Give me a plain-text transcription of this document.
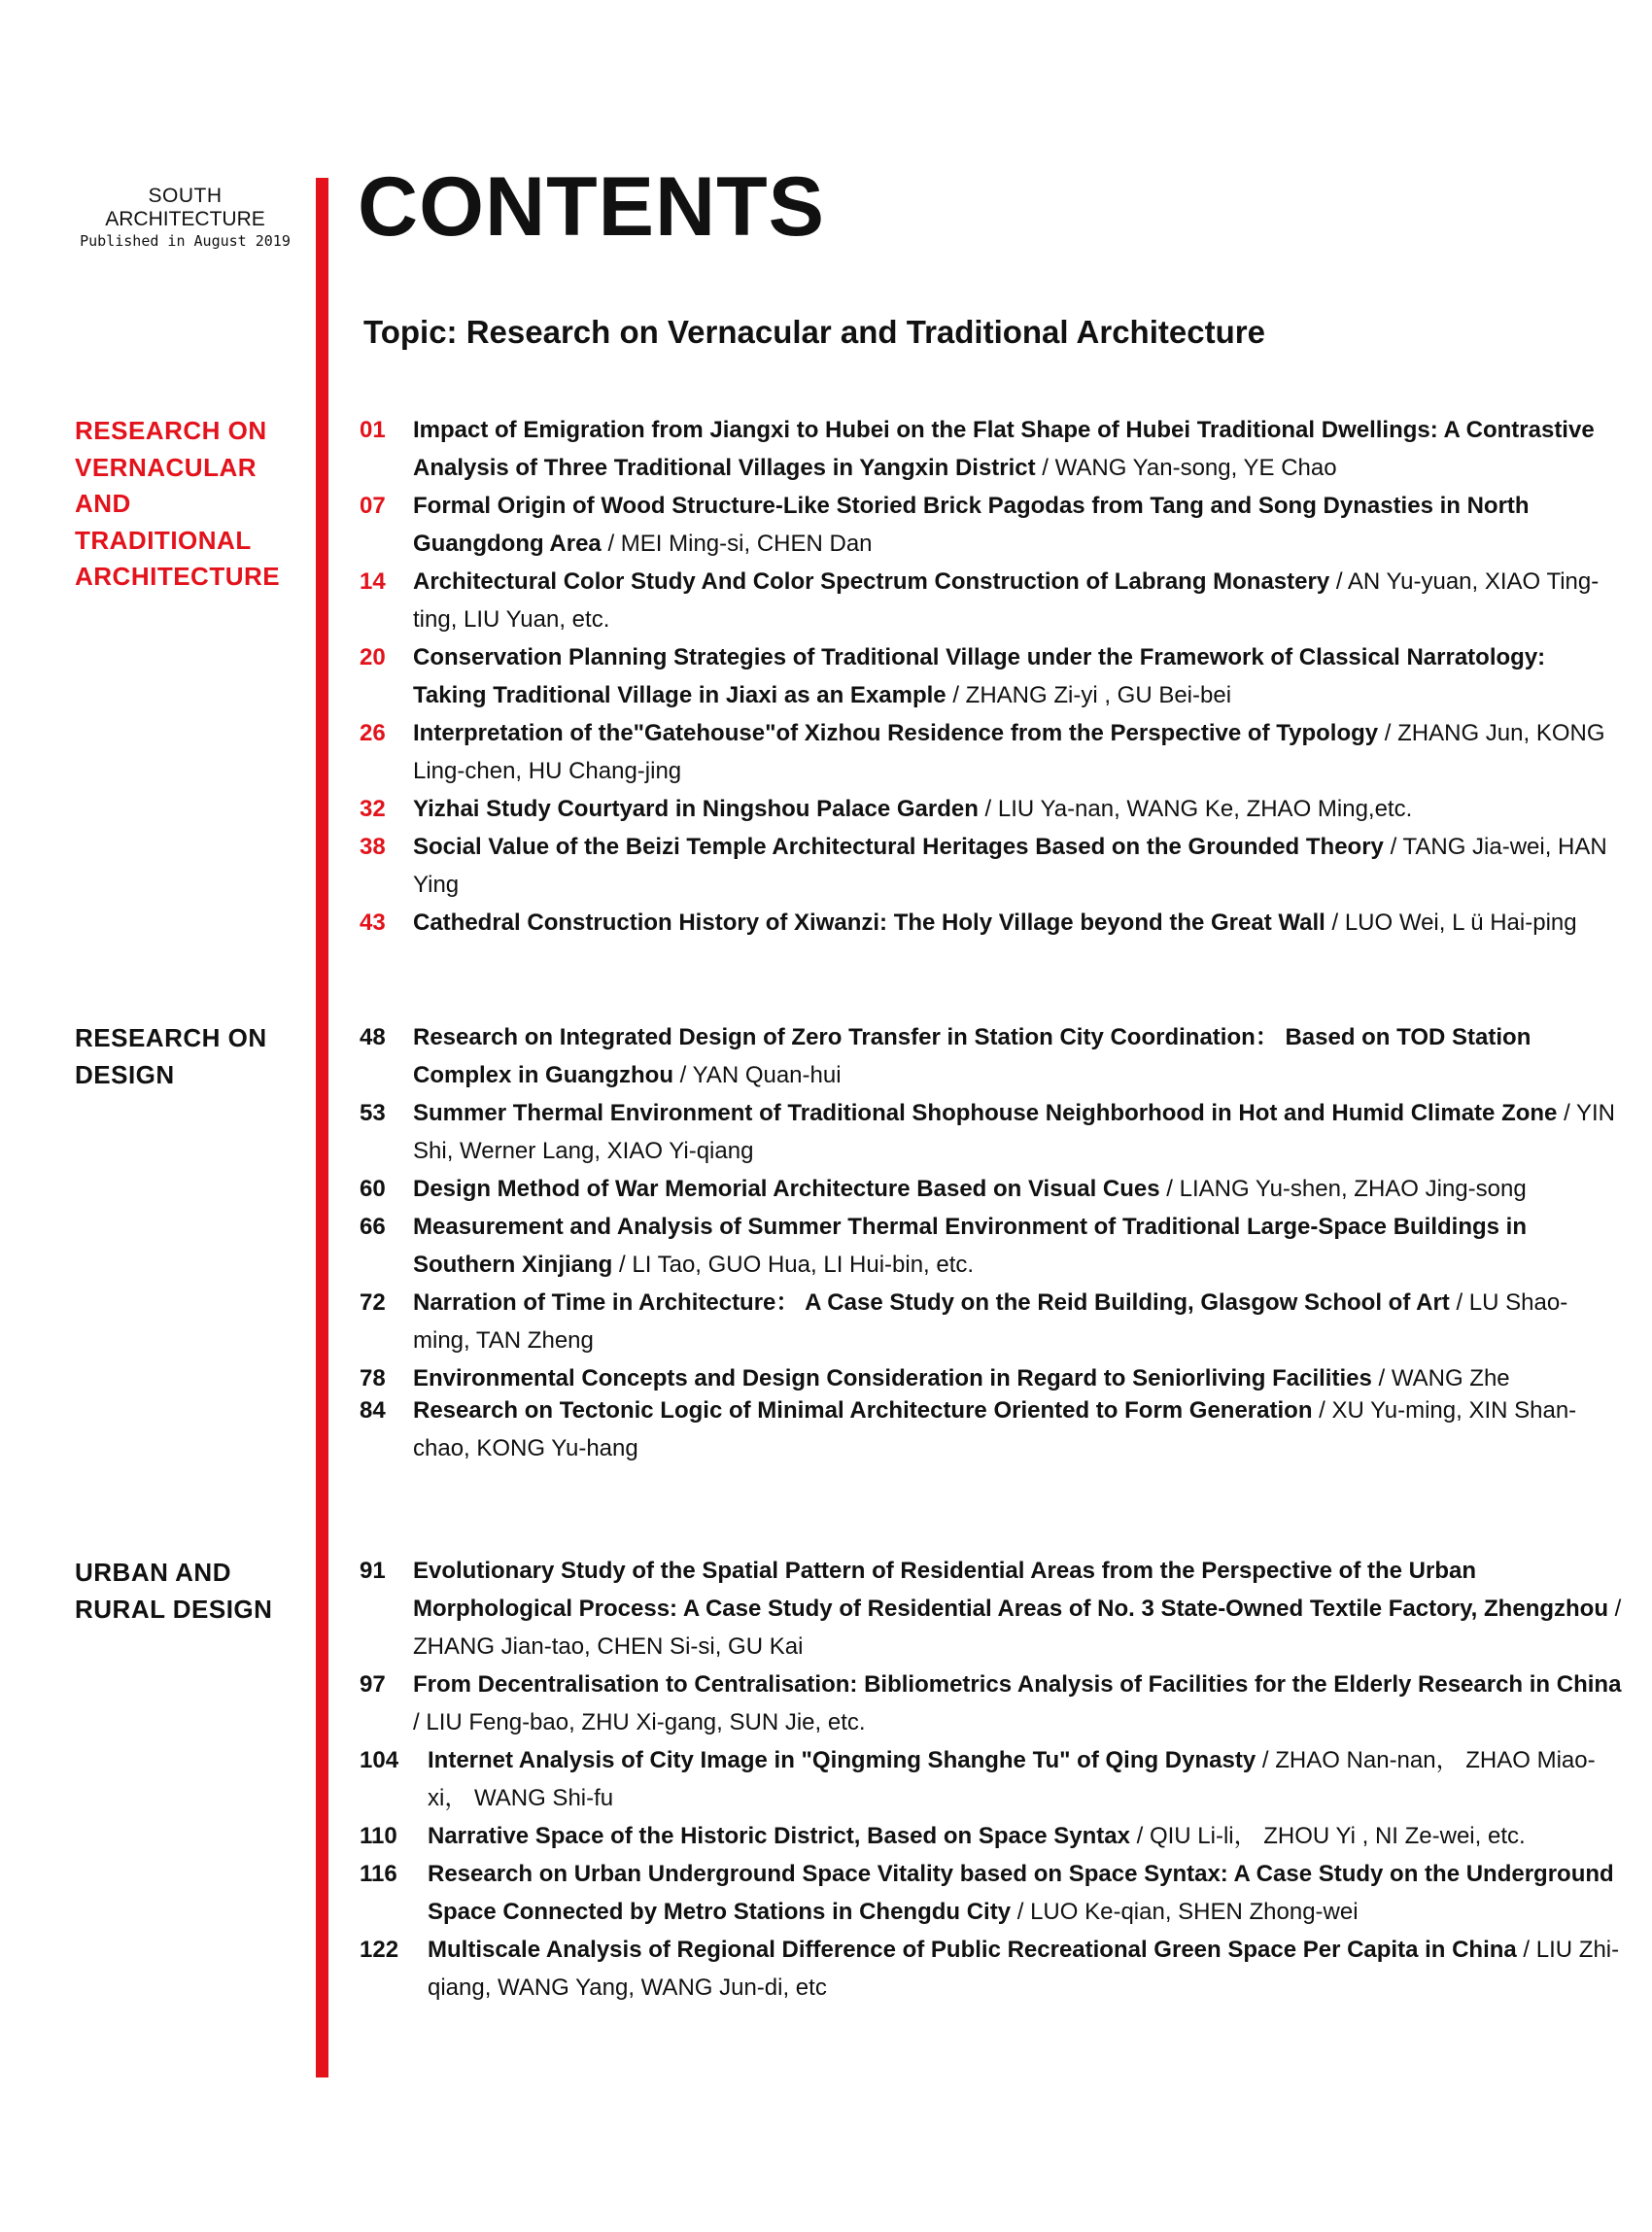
SOUTH
ARCHITECTURE
Published in August 2019 CONTENTS
Topic: Research on Vernacular and Traditional Architecture
RESEARCH ON
VERNACULAR
AND
TRADITIONAL
ARCHITECTURE
01	Impact of Emigration from Jiangxi to Hubei on the Flat Shape of Hubei Traditional Dwellings: A Contrastive Analysis of Three Traditional Villages in Yangxin District / WANG Yan-song, YE Chao
07	Formal Origin of Wood Structure-Like Storied Brick Pagodas from Tang and Song Dynasties in North Guangdong Area / MEI Ming-si, CHEN Dan
14	Architectural Color Study And Color Spectrum Construction of Labrang Monastery / AN Yu-yuan, XIAO Ting-ting, LIU Yuan, etc.
20	Conservation Planning Strategies of Traditional Village under the Framework of Classical Narratology: Taking Traditional Village in Jiaxi as an Example / ZHANG Zi-yi , GU Bei-bei
26	Interpretation of the"Gatehouse"of Xizhou Residence from the Perspective of Typology / ZHANG Jun, KONG Ling-chen, HU Chang-jing
32	Yizhai Study Courtyard in Ningshou Palace Garden / LIU Ya-nan, WANG Ke, ZHAO Ming,etc.
38	Social Value of the Beizi Temple Architectural Heritages Based on the Grounded Theory / TANG Jia-wei, HAN Ying
43	Cathedral Construction History of Xiwanzi: The Holy Village beyond the Great Wall / LUO Wei, L ü Hai-ping
RESEARCH ON
DESIGN
48	Research on Integrated Design of Zero Transfer in Station City Coordination： Based on TOD Station Complex in Guangzhou / YAN Quan-hui
53	Summer Thermal Environment of Traditional Shophouse Neighborhood in Hot and Humid Climate Zone / YIN Shi, Werner Lang, XIAO Yi-qiang
60	Design Method of War Memorial Architecture Based on Visual Cues / LIANG Yu-shen, ZHAO Jing-song
66	Measurement and Analysis of Summer Thermal Environment of Traditional Large-Space Buildings in Southern Xinjiang / LI Tao, GUO Hua, LI Hui-bin, etc.
72	Narration of Time in Architecture： A Case Study on the Reid Building, Glasgow School of Art / LU Shao-ming, TAN Zheng
78	Environmental Concepts and Design Consideration in Regard to Seniorliving Facilities / WANG Zhe
84	Research on Tectonic Logic of Minimal Architecture Oriented to Form Generation / XU Yu-ming, XIN Shan-chao, KONG Yu-hang
URBAN AND
RURAL DESIGN
91	Evolutionary Study of the Spatial Pattern of Residential Areas from the Perspective of the Urban Morphological Process: A Case Study of Residential Areas of No. 3 State-Owned Textile Factory, Zhengzhou / ZHANG Jian-tao, CHEN Si-si, GU Kai
97	From Decentralisation to Centralisation: Bibliometrics Analysis of Facilities for the Elderly Research in China / LIU Feng-bao, ZHU Xi-gang, SUN Jie, etc.
104	Internet Analysis of City Image in "Qingming Shanghe Tu" of Qing Dynasty / ZHAO Nan-nan， ZHAO Miao-xi， WANG Shi-fu
110	Narrative Space of the Historic District, Based on Space Syntax / QIU Li-li， ZHOU Yi , NI Ze-wei, etc.
116	Research on Urban Underground Space Vitality based on Space Syntax: A Case Study on the Underground Space Connected by Metro Stations in Chengdu City / LUO Ke-qian, SHEN Zhong-wei
122	Multiscale Analysis of Regional Difference of Public Recreational Green Space Per Capita in China / LIU Zhi-qiang, WANG Yang, WANG Jun-di, etc
